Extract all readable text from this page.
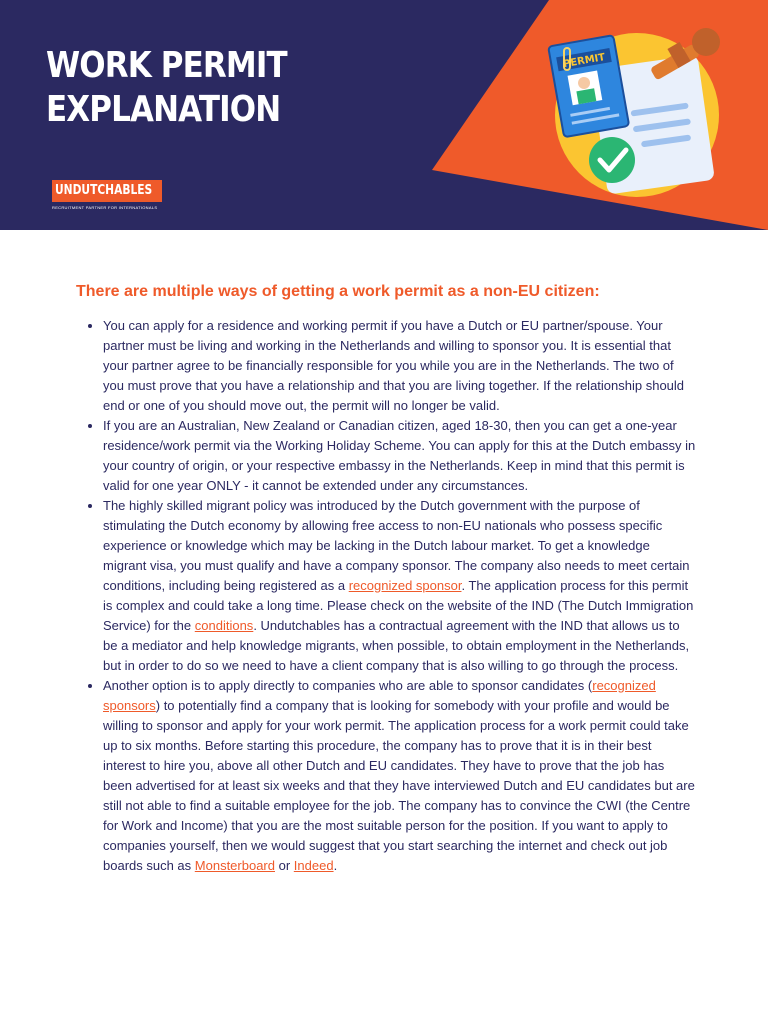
PERMIT
WORK PERMIT
EXPLANATION
UNDUTCHABLES
RECRUITMENT PARTNER FOR INTERNATIONALS

There are multiple ways of getting a work permit as a non-EU citizen:

• You can apply for a residence and working permit if you have a Dutch or EU partner/spouse. Your partner must be living and working in the Netherlands and willing to sponsor you. It is essential that your partner agree to be financially responsible for you while you are in the Netherlands. The two of you must prove that you have a relationship and that you are living together. If the relationship should end or one of you should move out, the permit will no longer be valid.
• If you are an Australian, New Zealand or Canadian citizen, aged 18-30, then you can get a one-year residence/work permit via the Working Holiday Scheme. You can apply for this at the Dutch embassy in your country of origin, or your respective embassy in the Netherlands. Keep in mind that this permit is valid for one year ONLY - it cannot be extended under any circumstances.
• The highly skilled migrant policy was introduced by the Dutch government with the purpose of stimulating the Dutch economy by allowing free access to non-EU nationals who possess specific experience or knowledge which may be lacking in the Dutch labour market. To get a knowledge migrant visa, you must qualify and have a company sponsor. The company also needs to meet certain conditions, including being registered as a recognized sponsor. The application process for this permit is complex and could take a long time. Please check on the website of the IND (The Dutch Immigration Service) for the conditions. Undutchables has a contractual agreement with the IND that allows us to be a mediator and help knowledge migrants, when possible, to obtain employment in the Netherlands, but in order to do so we need to have a client company that is also willing to go through the process.
• Another option is to apply directly to companies who are able to sponsor candidates (recognized sponsors) to potentially find a company that is looking for somebody with your profile and would be willing to sponsor and apply for your work permit. The application process for a work permit could take up to six months. Before starting this procedure, the company has to prove that it is in their best interest to hire you, above all other Dutch and EU candidates. They have to prove that the job has been advertised for at least six weeks and that they have interviewed Dutch and EU candidates but are still not able to find a suitable employee for the job. The company has to convince the CWI (the Centre for Work and Income) that you are the most suitable person for the position. If you want to apply to companies yourself, then we would suggest that you start searching the internet and check out job boards such as Monsterboard or Indeed.
